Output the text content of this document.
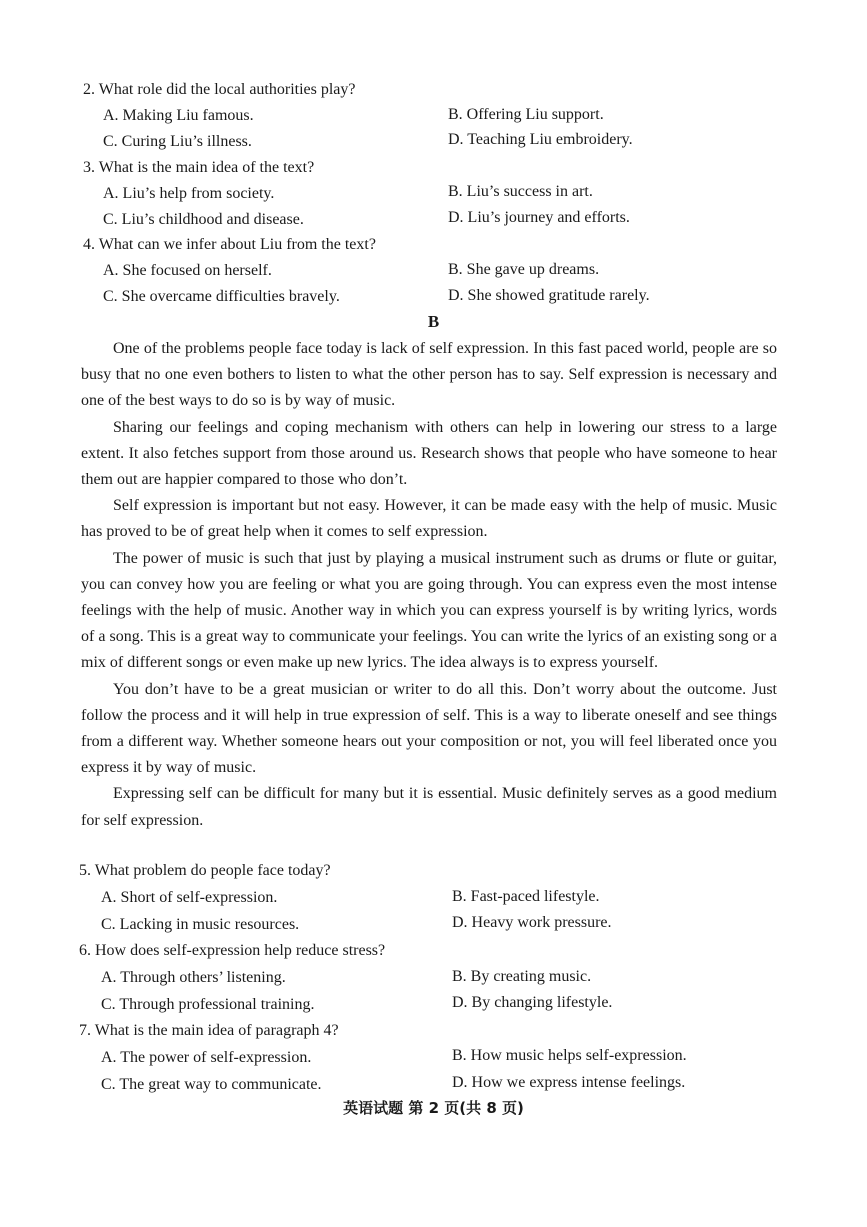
2. What role did the local authorities play?
A. Making Liu famous.	B. Offering Liu support.
C. Curing Liu’s illness.	D. Teaching Liu embroidery.
3. What is the main idea of the text?
A. Liu’s help from society.	B. Liu’s success in art.
C. Liu’s childhood and disease.	D. Liu’s journey and efforts.
4. What can we infer about Liu from the text?
A. She focused on herself.	B. She gave up dreams.
C. She overcame difficulties bravely.	D. She showed gratitude rarely.
B

One of the problems people face today is lack of self expression. In this fast paced world, people are so busy that no one even bothers to listen to what the other person has to say. Self expression is necessary and one of the best ways to do so is by way of music.

Sharing our feelings and coping mechanism with others can help in lowering our stress to a large extent. It also fetches support from those around us. Research shows that people who have someone to hear them out are happier compared to those who don’t.

Self expression is important but not easy. However, it can be made easy with the help of music. Music has proved to be of great help when it comes to self expression.

The power of music is such that just by playing a musical instrument such as drums or flute or guitar, you can convey how you are feeling or what you are going through. You can express even the most intense feelings with the help of music. Another way in which you can express yourself is by writing lyrics, words of a song. This is a great way to communicate your feelings. You can write the lyrics of an existing song or a mix of different songs or even make up new lyrics. The idea always is to express yourself.

You don’t have to be a great musician or writer to do all this. Don’t worry about the outcome. Just follow the process and it will help in true expression of self. This is a way to liberate oneself and see things from a different way. Whether someone hears out your composition or not, you will feel liberated once you express it by way of music.

Expressing self can be difficult for many but it is essential. Music definitely serves as a good medium for self expression.

5. What problem do people face today?
A. Short of self-expression.	B. Fast-paced lifestyle.
C. Lacking in music resources.	D. Heavy work pressure.
6. How does self-expression help reduce stress?
A. Through others’ listening.	B. By creating music.
C. Through professional training.	D. By changing lifestyle.
7. What is the main idea of paragraph 4?
A. The power of self-expression.	B. How music helps self-expression.
C. The great way to communicate.	D. How we express intense feelings.
英语试题 第 2 页(共 8 页)
